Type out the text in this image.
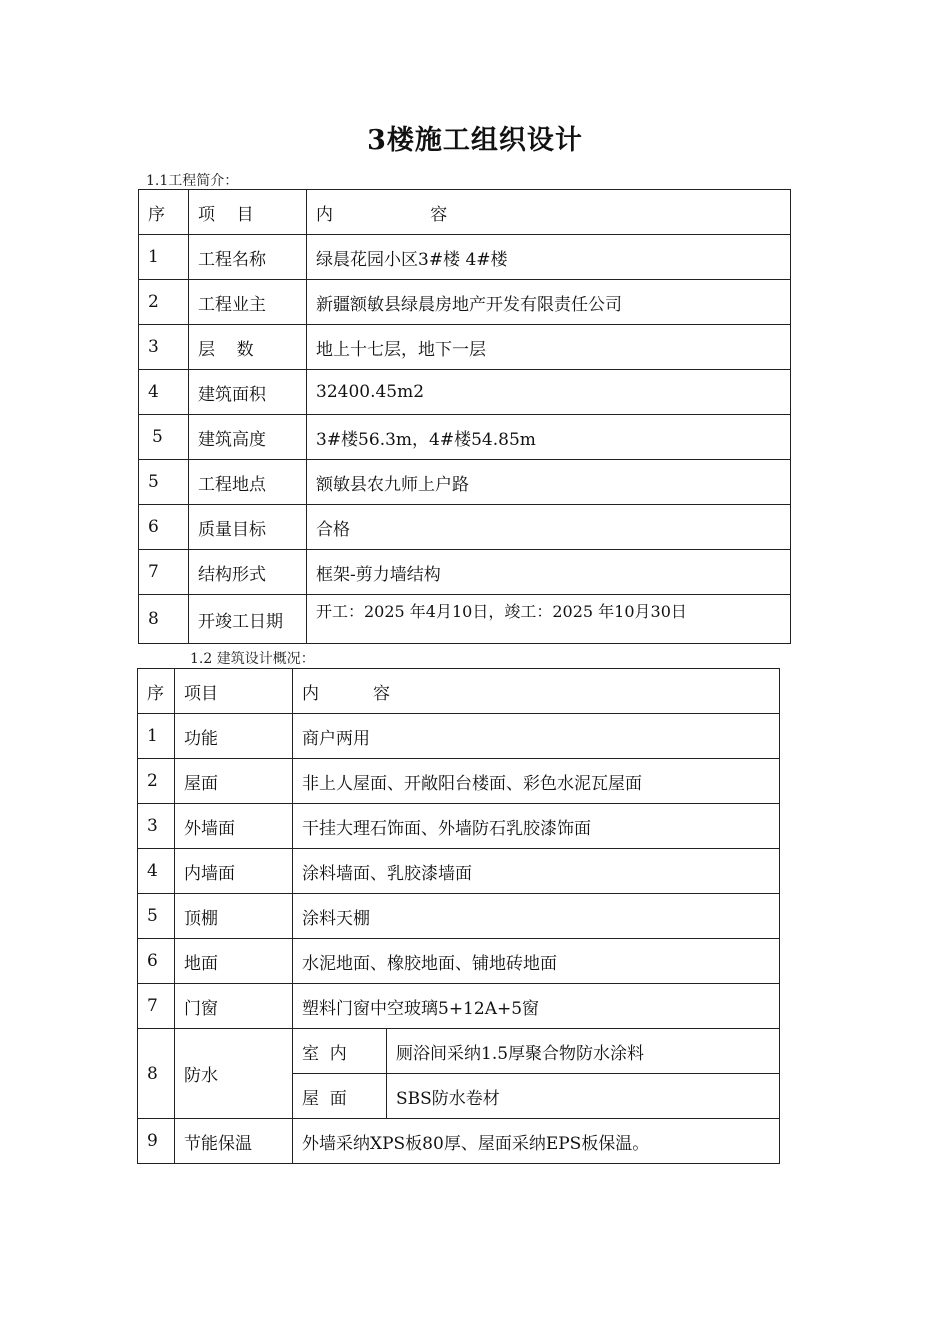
3楼施工组织设计
1.1工程简介：
序	项    目	内                  容
1	工程名称	绿晨花园小区3#楼 4#楼
2	工程业主	新疆额敏县绿晨房地产开发有限责任公司
3	层    数	地上十七层，地下一层
4	建筑面积	32400.45m2
5	建筑高度	3#楼56.3m，4#楼54.85m
5	工程地点	额敏县农九师上户路
6	质量目标	合格
7	结构形式	框架-剪力墙结构
8	开竣工日期	开工：2025 年4月10日，竣工：2025 年10月30日
1.2 建筑设计概况：
序	项目	内          容	
1	功能	商户两用	
2	屋面	非上人屋面、开敞阳台楼面、彩色水泥瓦屋面	
3	外墙面	干挂大理石饰面、外墙防石乳胶漆饰面	
4	内墙面	涂料墙面、乳胶漆墙面	
5	顶棚	涂料天棚	
6	地面	水泥地面、橡胶地面、铺地砖地面	
7	门窗	塑料门窗中空玻璃5+12A+5窗	
8	防水	室  内	厕浴间采纳1.5厚聚合物防水涂料
		屋  面	SBS防水卷材
9	节能保温	外墙采纳XPS板80厚、屋面采纳EPS板保温。	
